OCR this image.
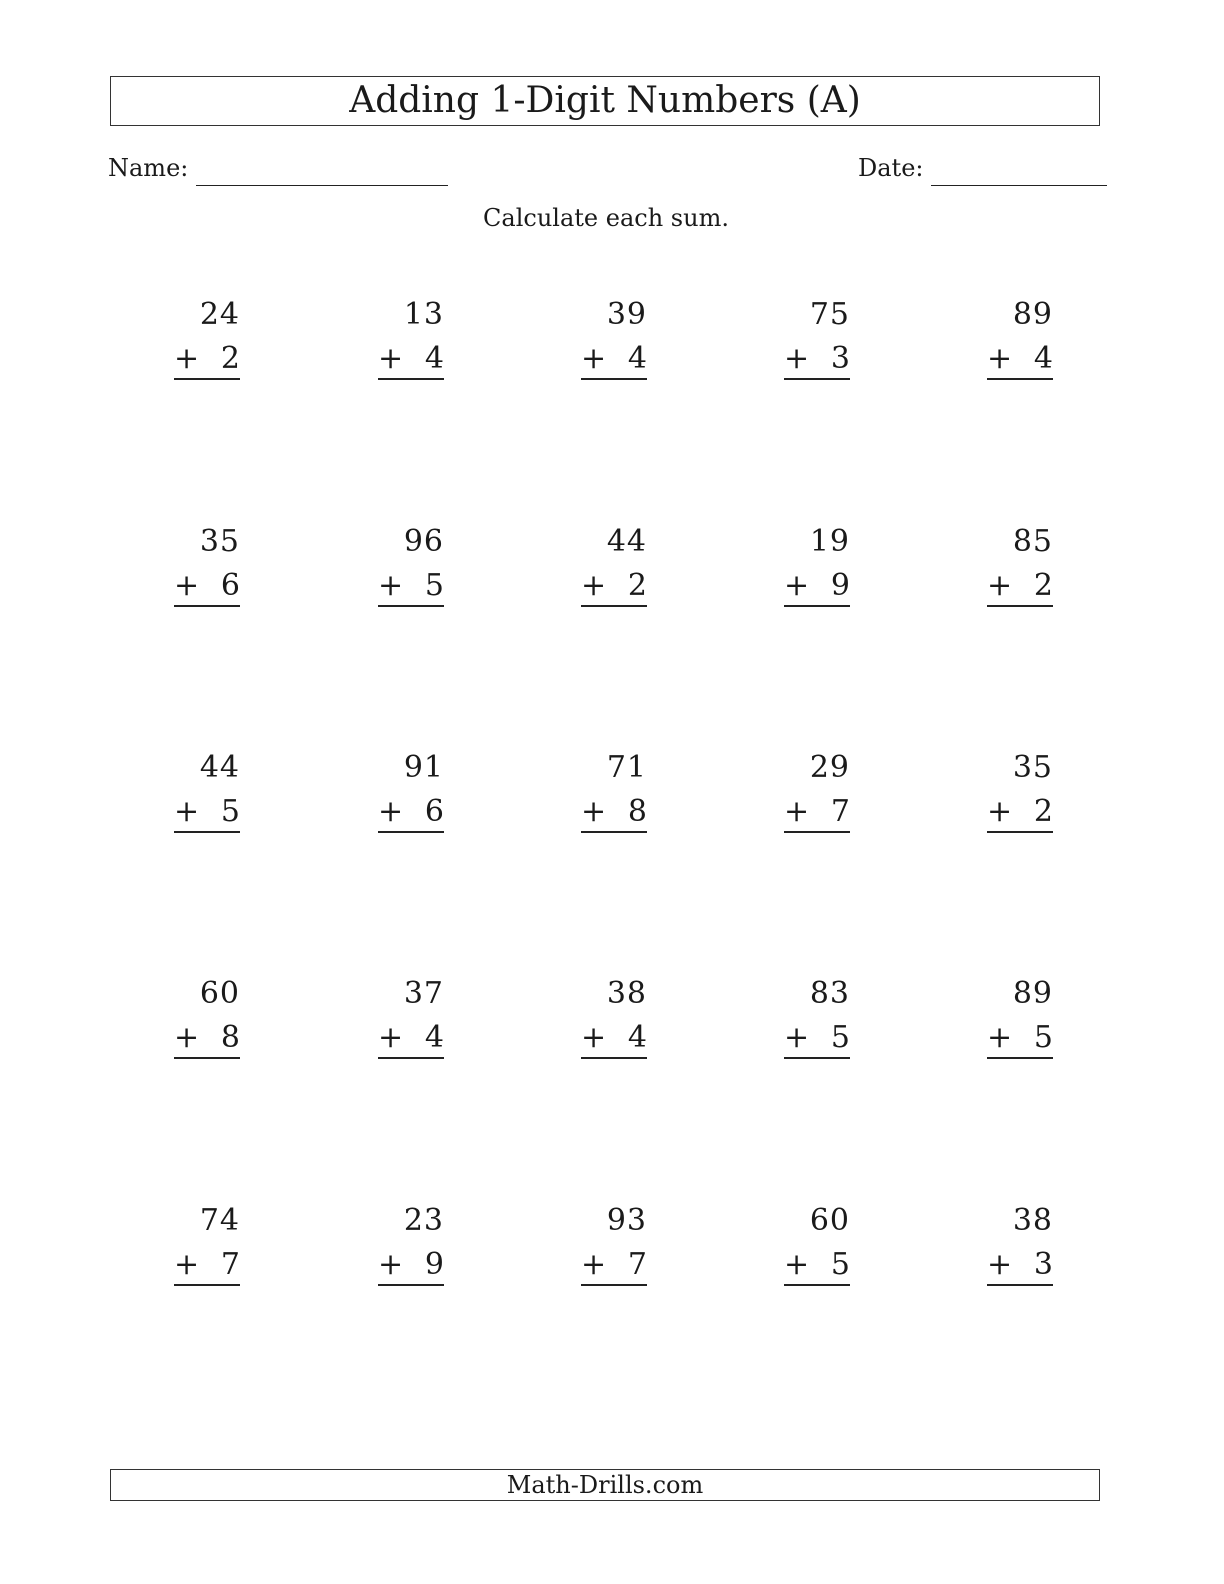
Adding 1-Digit Numbers (A)
Name:	Date:
Calculate each sum.
24
+ 2
13
+ 4
39
+ 4
75
+ 3
89
+ 4
35
+ 6
96
+ 5
44
+ 2
19
+ 9
85
+ 2
44
+ 5
91
+ 6
71
+ 8
29
+ 7
35
+ 2
60
+ 8
37
+ 4
38
+ 4
83
+ 5
89
+ 5
74
+ 7
23
+ 9
93
+ 7
60
+ 5
38
+ 3
Math-Drills.com
